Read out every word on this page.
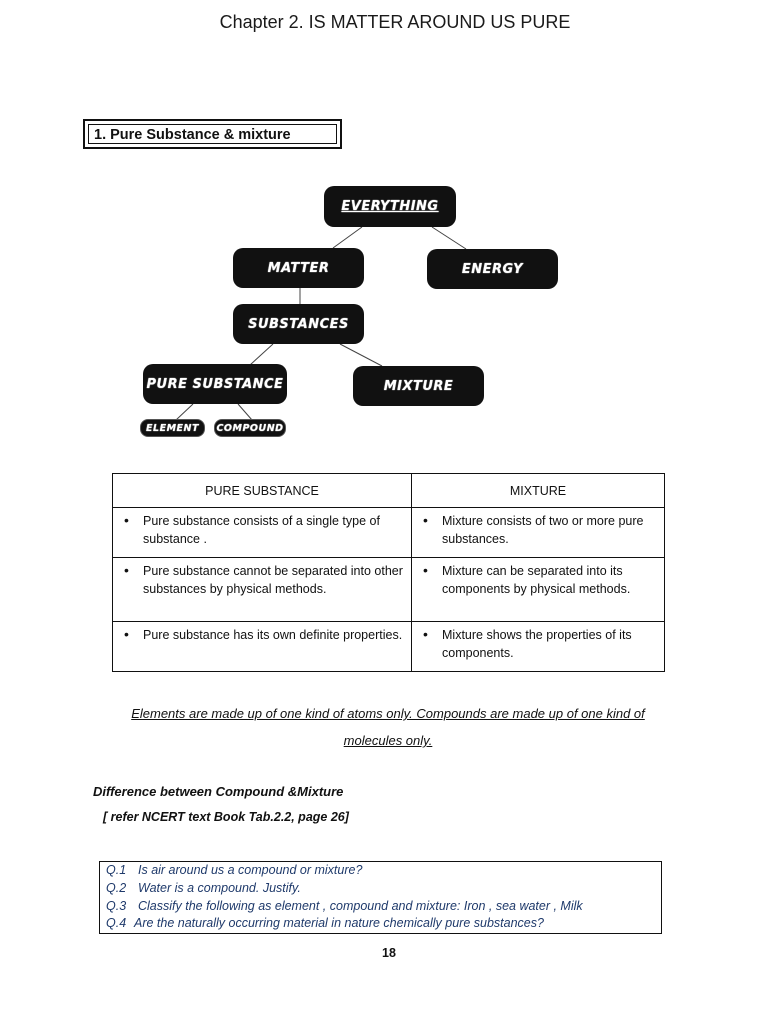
Chapter 2. IS MATTER AROUND US PURE
1. Pure Substance & mixture
EVERYTHING
MATTER	ENERGY
SUBSTANCES
PURE SUBSTANCE	MIXTURE
ELEMENT	COMPOUND
PURE SUBSTANCE	MIXTURE

• Pure substance consists of a single type of substance .	• Mixture consists of two or more pure substances.

• Pure substance cannot be separated into other substances by physical methods.	• Mixture can be separated into its components by physical methods.

• Pure substance has its own definite properties.	• Mixture shows the properties of its components.
Elements are made up of one kind of atoms only. Compounds are made up of one kind of
molecules only.
Difference between Compound &Mixture
[ refer NCERT text Book Tab.2.2, page 26]
Q.1 Is air around us a compound or mixture?
Q.2 Water is a compound. Justify.
Q.3 Classify the following as element , compound and mixture: Iron , sea water , Milk
Q.4 Are the naturally occurring material in nature chemically pure substances?
18
